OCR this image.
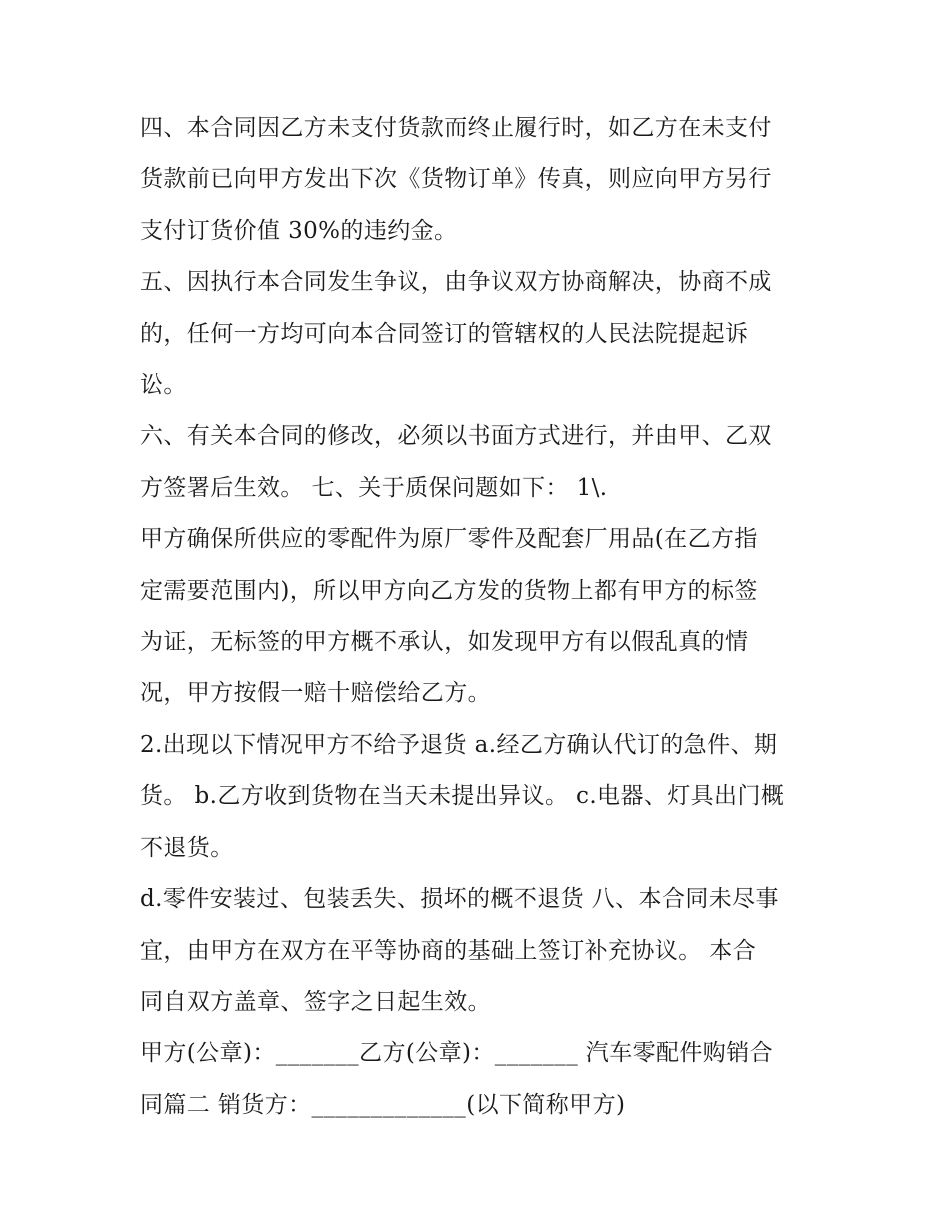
四、本合同因乙方未支付货款而终止履行时，如乙方在未支付
货款前已向甲方发出下次《货物订单》传真，则应向甲方另行
支付订货价值 30%的违约金。

五、因执行本合同发生争议，由争议双方协商解决，协商不成
的，任何一方均可向本合同签订的管辖权的人民法院提起诉
讼。

六、有关本合同的修改，必须以书面方式进行，并由甲、乙双
方签署后生效。 七、关于质保问题如下： 1\.

甲方确保所供应的零配件为原厂零件及配套厂用品(在乙方指
定需要范围内)，所以甲方向乙方发的货物上都有甲方的标签
为证，无标签的甲方概不承认，如发现甲方有以假乱真的情
况，甲方按假一赔十赔偿给乙方。

2.出现以下情况甲方不给予退货 a.经乙方确认代订的急件、期
货。 b.乙方收到货物在当天未提出异议。 c.电器、灯具出门概
不退货。

d.零件安装过、包装丢失、损坏的概不退货 八、本合同未尽事
宜，由甲方在双方在平等协商的基础上签订补充协议。 本合
同自双方盖章、签字之日起生效。

甲方(公章)：_______乙方(公章)：_______ 汽车零配件购销合
同篇二 销货方：_____________(以下简称甲方)
